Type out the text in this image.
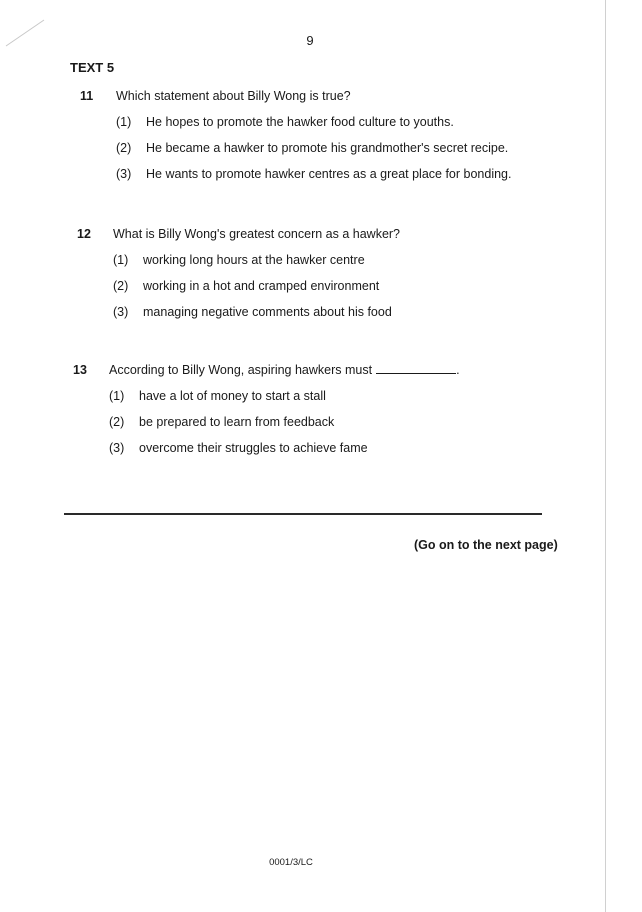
9
TEXT 5
11	Which statement about Billy Wong is true?
(1)	He hopes to promote the hawker food culture to youths.
(2)	He became a hawker to promote his grandmother's secret recipe.
(3)	He wants to promote hawker centres as a great place for bonding.
12	What is Billy Wong's greatest concern as a hawker?
(1)	working long hours at the hawker centre
(2)	working in a hot and cramped environment
(3)	managing negative comments about his food
13	According to Billy Wong, aspiring hawkers must	.
(1)	have a lot of money to start a stall
(2)	be prepared to learn from feedback
(3)	overcome their struggles to achieve fame
(Go on to the next page)
0001/3/LC
